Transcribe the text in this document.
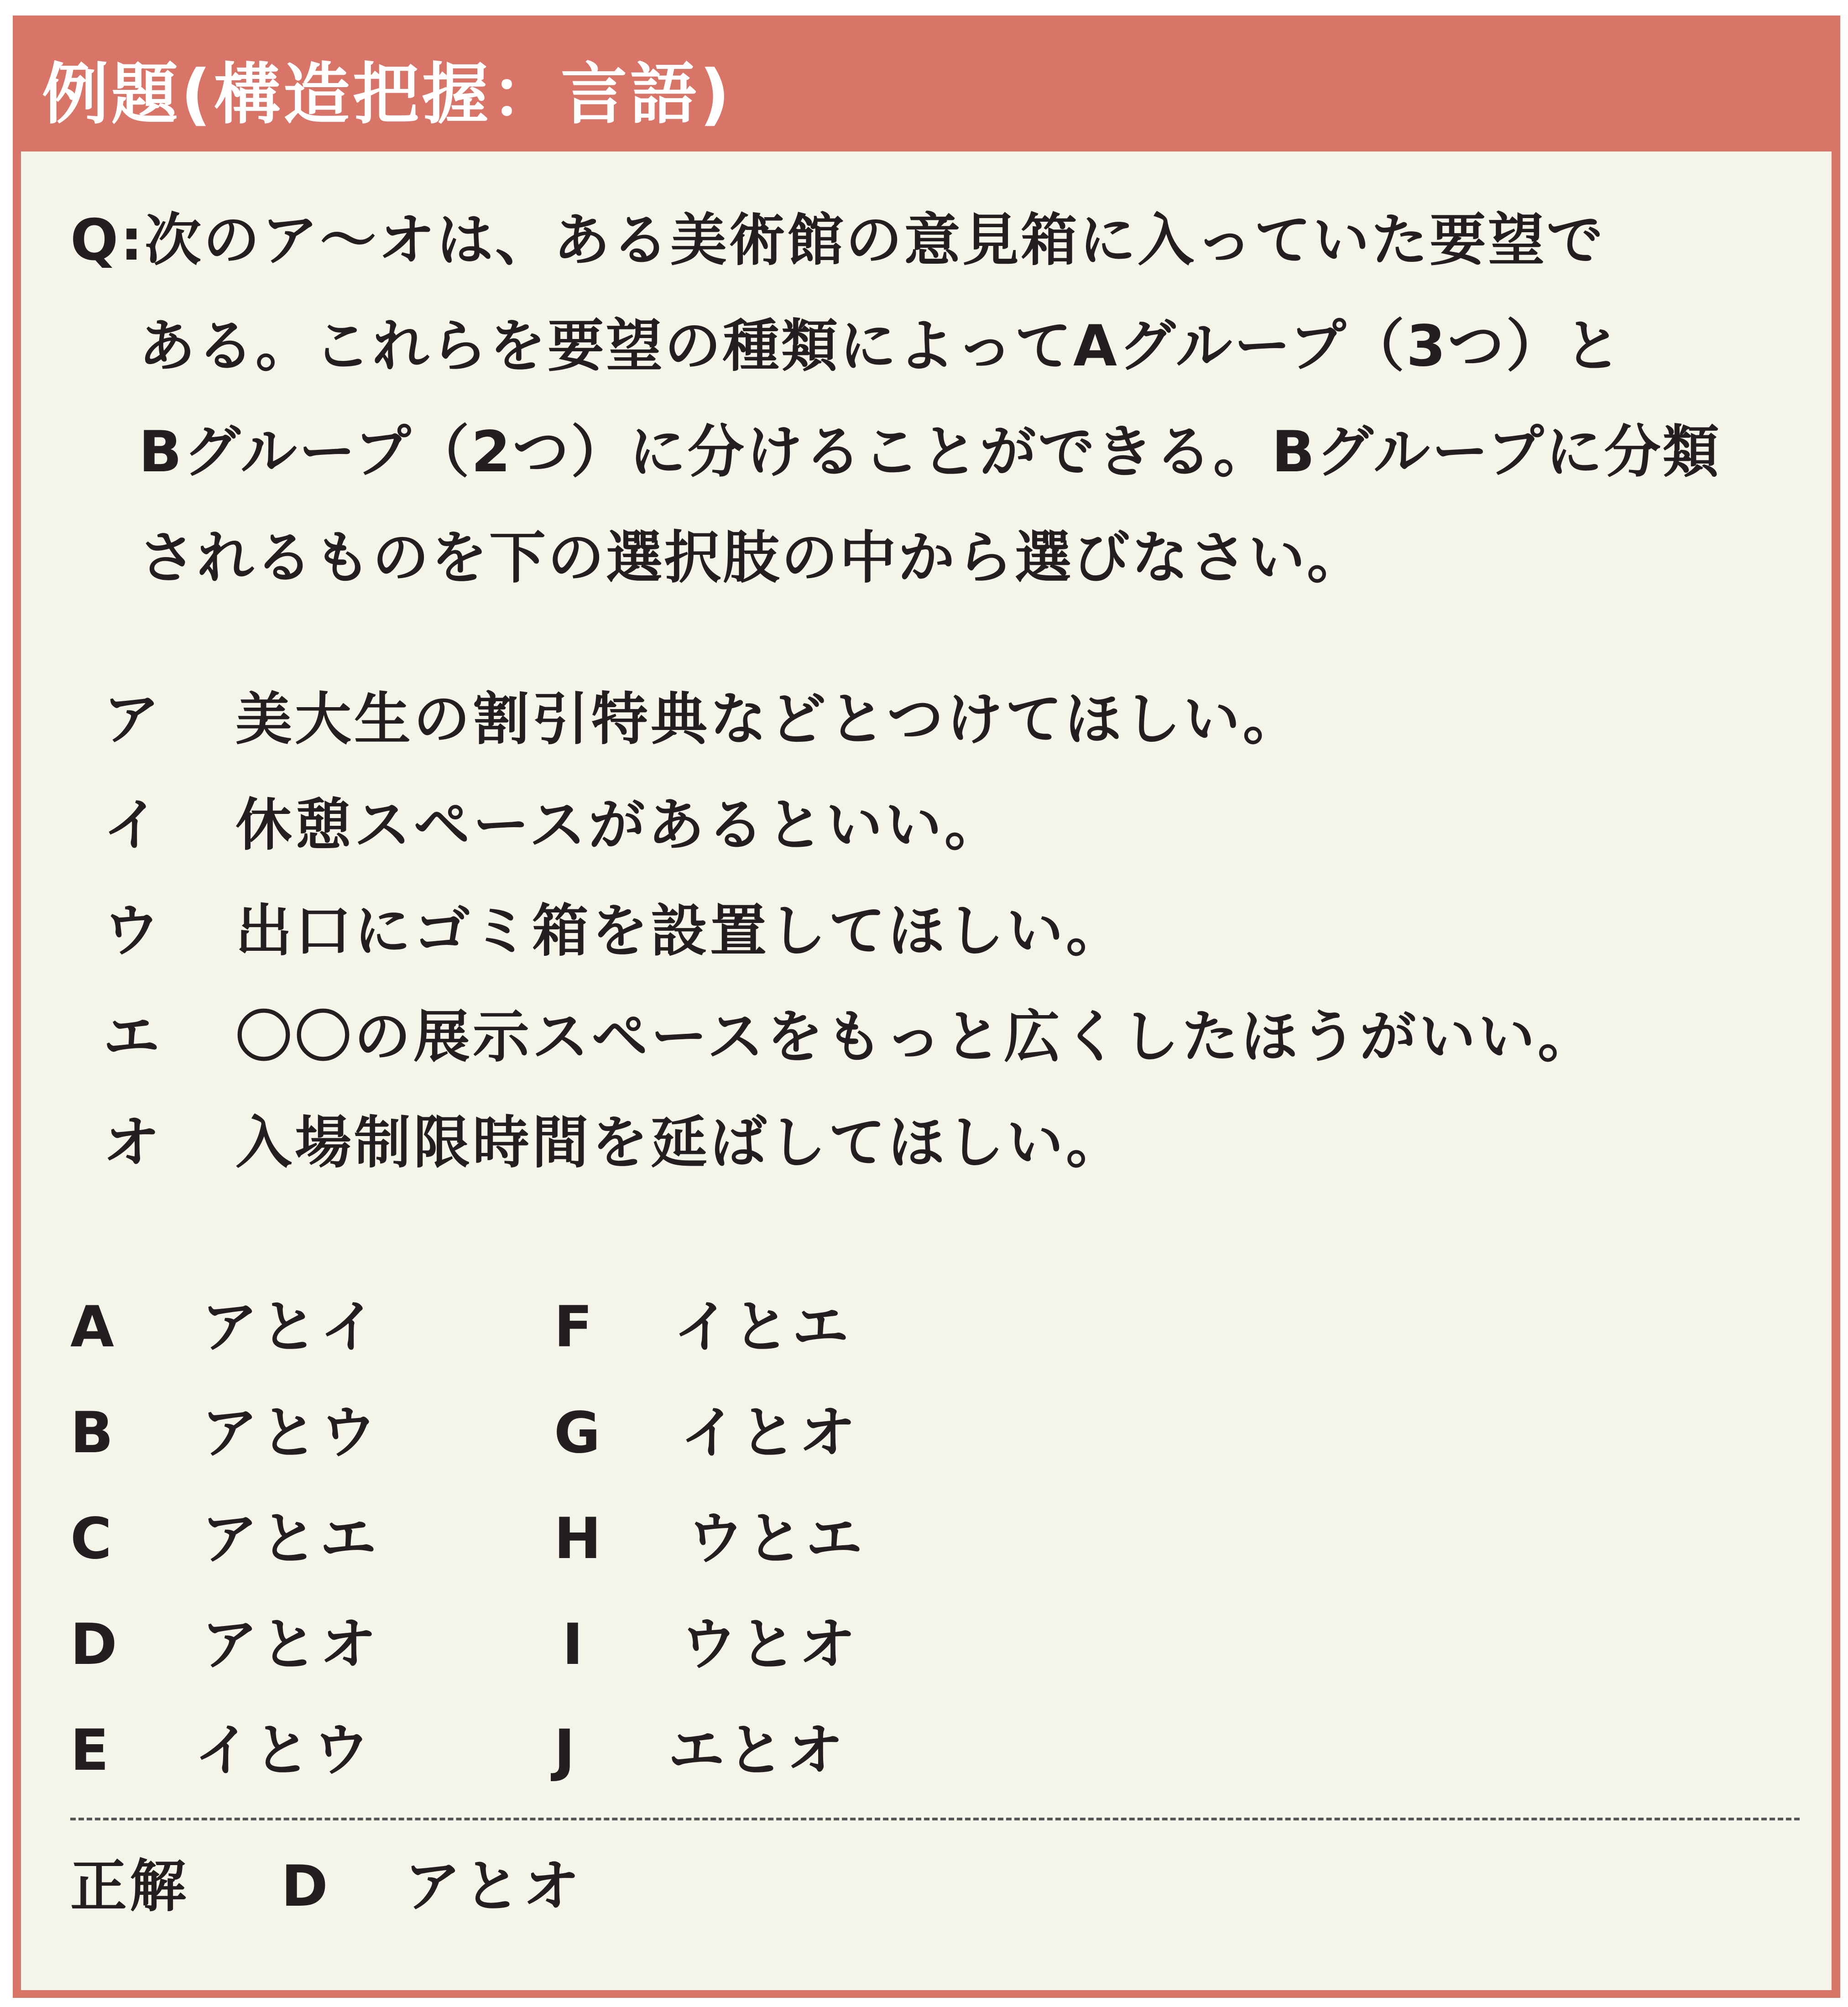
例題(構造把握：言語)
Q:次のア〜オは、ある美術館の意見箱に入っていた要望で
ある。これらを要望の種類によってAグループ（3つ）と
Bグループ（2つ）に分けることができる。Bグループに分類
されるものを下の選択肢の中から選びなさい。
ア 美大生の割引特典などとつけてほしい。
イ 休憩スペースがあるといい。
ウ 出口にゴミ箱を設置してほしい。
エ 〇〇の展示スペースをもっと広くしたほうがいい。
オ 入場制限時間を延ばしてほしい。
A アとイ
B アとウ
C アとエ
D アとオ
E イとウ
F イとエ
G イとオ
H ウとエ
I ウとオ
J エとオ
正解 D アとオ
